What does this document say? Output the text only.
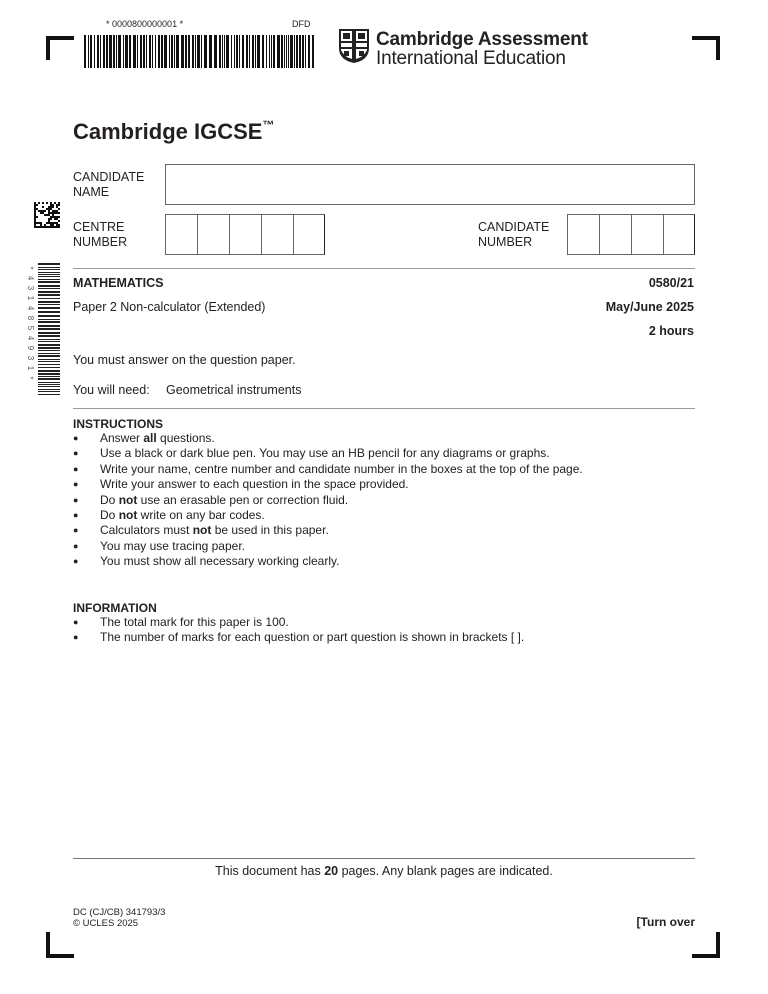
* 0000800000001 *	DFD
Cambridge Assessment
International Education
Cambridge IGCSE™
CANDIDATE
NAME
CENTRE
NUMBER
CANDIDATE
NUMBER
*
4
3
1
4
8
5
4
9
3
1
*
MATHEMATICS	0580/21
Paper 2 Non-calculator (Extended)	May/June 2025
2 hours
You must answer on the question paper.
You will need: Geometrical instruments
INSTRUCTIONS
●	Answer all questions.
●	Use a black or dark blue pen. You may use an HB pencil for any diagrams or graphs.
●	Write your name, centre number and candidate number in the boxes at the top of the page.
●	Write your answer to each question in the space provided.
●	Do not use an erasable pen or correction fluid.
●	Do not write on any bar codes.
●	Calculators must not be used in this paper.
●	You may use tracing paper.
●	You must show all necessary working clearly.
INFORMATION
●	The total mark for this paper is 100.
●	The number of marks for each question or part question is shown in brackets [ ].
This document has 20 pages. Any blank pages are indicated.
DC (CJ/CB) 341793/3
© UCLES 2025	[Turn over
